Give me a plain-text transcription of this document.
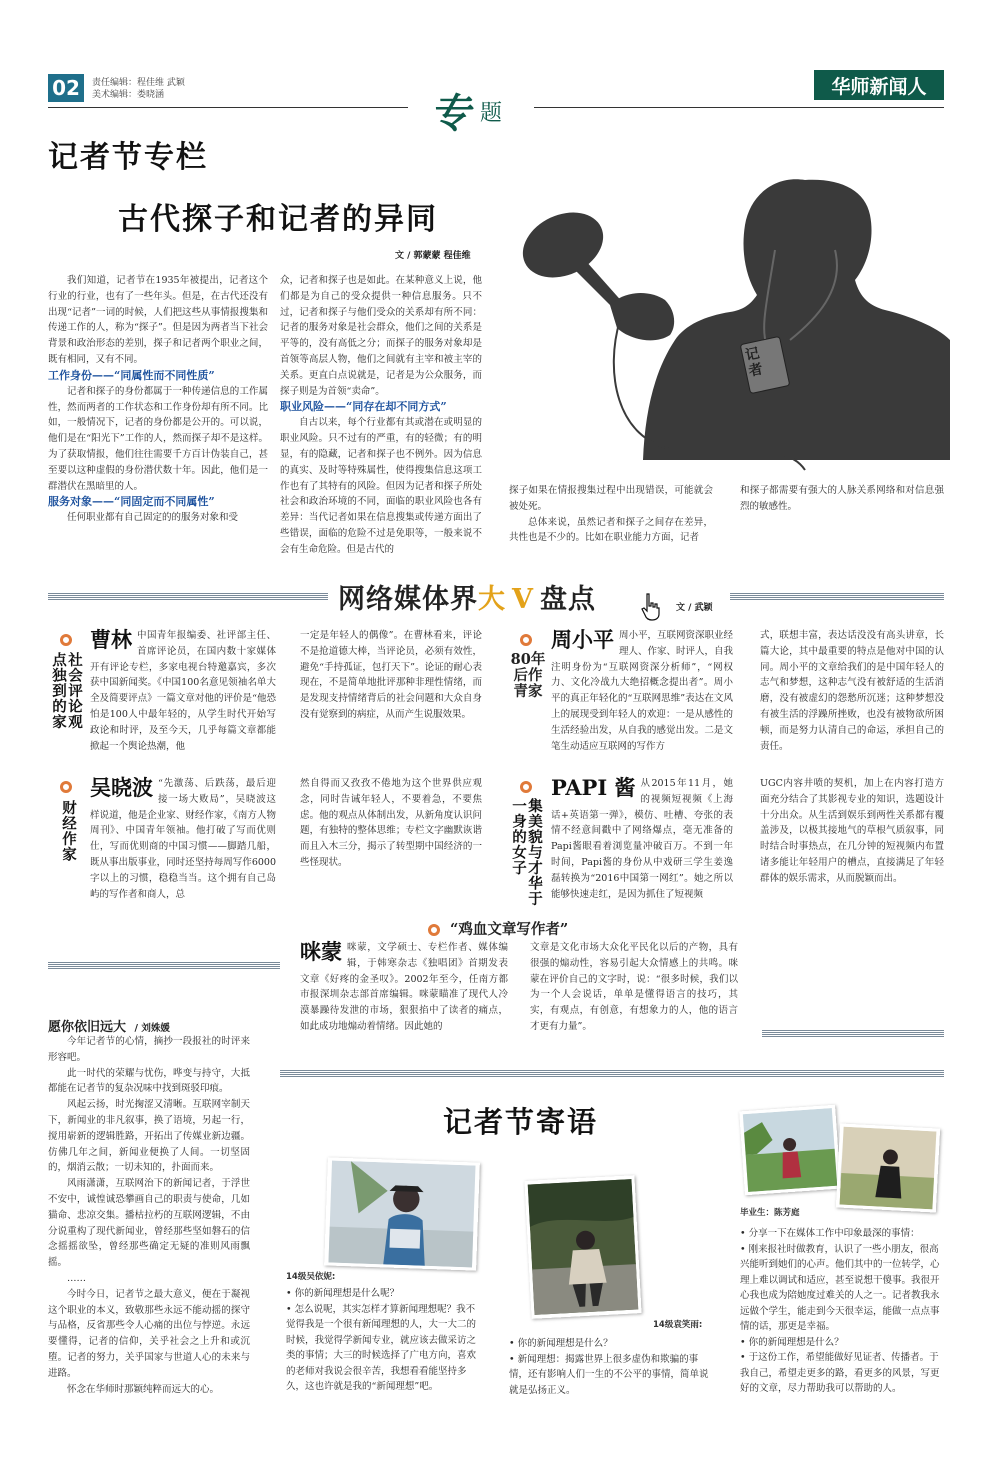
02	责任编辑：程佳维 武颖
美术编辑：娄晓涵	专 题
华师新闻人
记者节专栏
古代探子和记者的异同
文 / 郭蒙蒙 程佳维
记者

我们知道，记者节在1935年被提出，记者这个行业的行业，也有了一些年头。但是，在古代还没有出现“记者”一词的时候，人们把这些从事情报搜集和传递工作的人，称为“探子”。但是因为两者当下社会背景和政治形态的差别，探子和记者两个职业之间，既有相同，又有不同。

工作身份——“同属性而不同性质”

记者和探子的身份都属于一种传递信息的工作属性，然而两者的工作状态和工作身份却有所不同。比如，一般情况下，记者的身份都是公开的。可以说，他们是在“阳光下”工作的人，然而探子却不是这样。为了获取情报，他们往往需要千方百计伪装自己，甚至要以这种虚假的身份潜伏数十年。因此，他们是一群潜伏在黑暗里的人。

服务对象——“同固定而不同属性”

任何职业都有自己固定的的服务对象和受

众，记者和探子也是如此。在某种意义上说，他们都是为自己的受众提供一种信息服务。只不过，记者和探子与他们受众的关系却有所不同：记者的服务对象是社会群众，他们之间的关系是平等的，没有高低之分；而探子的服务对象却是首领等高层人物，他们之间就有主宰和被主宰的关系。更直白点说就是，记者是为公众服务，而探子则是为首领“卖命”。

职业风险——“同存在却不同方式”

自古以来，每个行业都有其或潜在或明显的职业风险。只不过有的严重，有的轻微；有的明显，有的隐藏，记者和探子也不例外。因为信息的真实、及时等特殊属性，使得搜集信息这项工作也有了其特有的风险。但因为记者和探子所处社会和政治环境的不同，面临的职业风险也各有差异：当代记者如果在信息搜集或传递方面出了些错误，面临的危险不过是免职等，一般来说不会有生命危险。但是古代的

探子如果在情报搜集过程中出现错误，可能就会被处死。

总体来说，虽然记者和探子之间存在差异，共性也是不少的。比如在职业能力方面，记者

和探子都需要有强大的人脉关系网络和对信息强烈的敏感性。

网络媒体界大 V 盘点	文 / 武颖
社会评论观点独到的家
曹林 中国青年报编委、社评部主任、首席评论员，在国内数十家媒体开有评论专栏，多家电视台特邀嘉宾，多次获中国新闻奖。《中国100名意见领袖名单大全及简要评点》一篇文章对他的评价是“他恐怕是100人中最年轻的，从学生时代开始写政论和时评，及至今天，几乎每篇文章都能掀起一个舆论热潮，他
一定是年轻人的偶像”。在曹林看来，评论不是抢道德大棒，当评论员，必须有效性，避免“手持孤证，包打天下”。论证的耐心表现在，不是简单地批评那种非理性情绪，而是发现支持情绪背后的社会问题和大众自身没有觉察到的病症，从而产生说服效果。
80年后作青家
周小平 周小平，互联网资深职业经理人、作家、时评人，自我注明身份为“互联网资深分析师”，“网权力、文化冷战九大绝招概念提出者”。周小平的真正年轻化的“互联网思维”表达在文风上的展现受到年轻人的欢迎：一是从感性的生活经验出发，从自我的感觉出发。二是文笔生动适应互联网的写作方
式，联想丰富，表达话没没有高头讲章，长篇大论，其中最重要的特点是他对中国的认同。周小平的文章给我们的是中国年轻人的志气和梦想，这种志气没有被舒适的生活消磨，没有被虚幻的怨愁所沉迷；这种梦想没有被生活的浮躁所挫败，也没有被物欲所困顿，而是努力认清自己的命运，承担自己的责任。
财经作家
吴晓波 “先激荡、后跌荡，最后迎接一场大败局”，吴晓波这样说道，他是企业家、财经作家，《南方人物周刊》、中国青年领袖。他打破了写而优则仕，写而优则商的中国习惯——脚踏几船，既从事出版事业，同时还坚持每周写作6000字以上的习惯，稳稳当当。这个拥有自己岛屿的写作者和商人，总
然自得而又孜孜不倦地为这个世界供应观念，同时告诫年轻人，不要着急，不要焦虑。他的观点从体制出发，从新角度认识问题，有独特的整体思维；专栏文字幽默诙谐而且入木三分，揭示了转型期中国经济的一些怪现状。	集美貌与才华于一身的女子
PAPI 酱 从2015年11月，她的视频短视频《上海话+英语第一弹》，模仿、吐槽、夸张的表情不经意间戳中了网络爆点，毫无准备的Papi酱眼看着浏览量冲破百万。不到一年时间，Papi酱的身份从中戏研三学生姜逸磊转换为“2016中国第一网红”。她之所以能够快速走红，是因为抓住了短视频
UGC内容井喷的契机，加上在内容打造方面充分结合了其影视专业的知识，选题设计十分出众。从生活到娱乐到两性关系都有覆盖涉及，以极其接地气的草根气质叙事，同时结合时事热点，在几分钟的短视频内布置诸多能让年轻用户的槽点，直接满足了年轻群体的娱乐需求，从而脱颖而出。
“鸡血文章写作者”
咪蒙 咪蒙，文学硕士、专栏作者、媒体编辑，于韩寒杂志《独唱团》首期发表文章《好疼的金圣叹》。2002年至今，任南方都市报深圳杂志部首席编辑。咪蒙瞄准了现代人冷漠暴躁待发泄的市场，狠狠掐中了读者的痛点，如此成功地煽动着情绪。因此她的
文章是文化市场大众化平民化以后的产物，具有很强的煽动性，容易引起大众情感上的共鸣。咪蒙在评价自己的文字时，说：“很多时候，我们以为一个人会说话，单单是懂得语言的技巧，其实，有观点，有创意，有想象力的人，他的语言才更有力量”。
愿你依旧远大 / 刘姝媛

今年记者节的心情，摘抄一段报社的时评来形容吧。

此一时代的荣耀与忧伤，哗变与持守，大抵都能在记者节的复杂况味中找到斑驳印痕。

风起云扬，时光掬涩又清晰。互联网宰制天下，新闻业的非凡叙事，换了语境，另起一行，搅用崭新的逻辑胜路，开拓出了传媒业新边疆。仿佛几年之间，新闻业便换了人间。一切坚固的，烟消云散；一切未知的，扑面而来。

风雨潇潇，互联网治下的新闻记者，于浮世不安中，诚惶诚恐攀画自己的职责与使命，几如猫命、悲凉交集。播枯拉朽的互联网逻辑，不由分说重构了现代新闻业，曾经那些坚如磐石的信念摇摇欲坠，曾经那些确定无疑的准则风雨飘摇。

……

今时今日，记者节之最大意义，便在于凝视这个职业的本义，致敬那些永远不能动摇的探守与品格，反省那些令人心痛的出位与悖逆。永远要懂得，记者的信仰，关乎社会之上升和或沉堕。记者的努力，关乎国家与世道人心的未来与进路。

怀念在华师时那颖纯粹而远大的心。

记者节寄语
14级吴依妮:
• 你的新闻理想是什么呢？
• 怎么说呢，其实怎样才算新闻理想呢？我不觉得我是一个很有新闻理想的人，大一大二的时候，我觉得学新闻专业，就应该去做采访之类的事情；大三的时候选择了广电方向，喜欢的老师对我说会很辛苦，我想看看能坚持多久，这也许就是我的“新闻理想”吧。
14级袁笑雨:
• 你的新闻理想是什么？
• 新闻理想：揭露世界上很多虚伪和欺骗的事情，还有影响人们一生的不公平的事情，简单说就是弘扬正义。
毕业生：陈芳庭
• 分享一下在媒体工作中印象最深的事情：
• 刚来报社时做教育，认识了一些小朋友，很高兴能听到她们的心声。他们其中的一位转学，心理上难以调试和适应，甚至说想干傻事。我很开心我也成为陪她度过难关的人之一。记者教我永远做个学生，能走到今天很幸运，能做一点点事情的话，那更是幸福。
• 你的新闻理想是什么？
• 于这份工作，希望能做好见证者、传播者。于我自己，希望走更多的路，看更多的风景，写更好的文章，尽力帮助我可以帮助的人。
